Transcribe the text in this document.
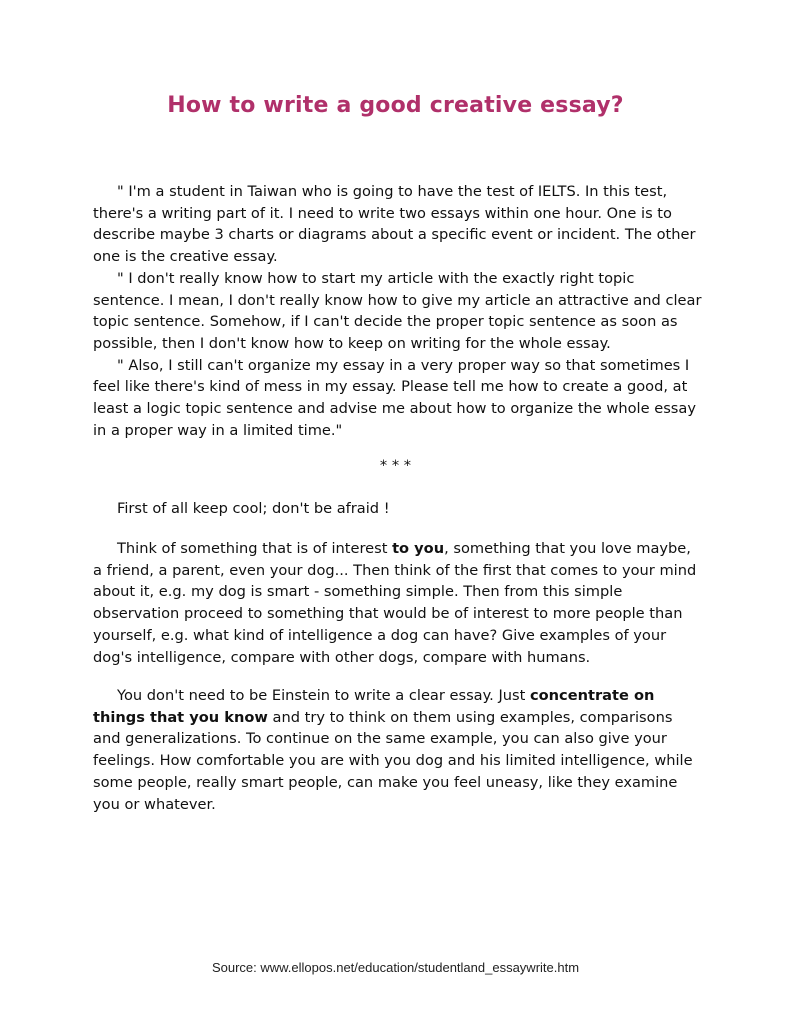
How to write a good creative essay?

" I'm a student in Taiwan who is going to have the test of IELTS. In this test, there's a writing part of it. I need to write two essays within one hour. One is to describe maybe 3 charts or diagrams about a specific event or incident. The other one is the creative essay.

" I don't really know how to start my article with the exactly right topic sentence. I mean, I don't really know how to give my article an attractive and clear topic sentence. Somehow, if I can't decide the proper topic sentence as soon as possible, then I don't know how to keep on writing for the whole essay.

" Also, I still can't organize my essay in a very proper way so that sometimes I feel like there's kind of mess in my essay. Please tell me how to create a good, at least a logic topic sentence and advise me about how to organize the whole essay in a proper way in a limited time."

* * *

First of all keep cool; don't be afraid !

Think of something that is of interest to you, something that you love maybe, a friend, a parent, even your dog... Then think of the first that comes to your mind about it, e.g. my dog is smart - something simple. Then from this simple observation proceed to something that would be of interest to more people than yourself, e.g. what kind of intelligence a dog can have? Give examples of your dog's intelligence, compare with other dogs, compare with humans.

You don't need to be Einstein to write a clear essay. Just concentrate on things that you know and try to think on them using examples, comparisons and generalizations. To continue on the same example, you can also give your feelings. How comfortable you are with you dog and his limited intelligence, while some people, really smart people, can make you feel uneasy, like they examine you or whatever.

Source: www.ellopos.net/education/studentland_essaywrite.htm
